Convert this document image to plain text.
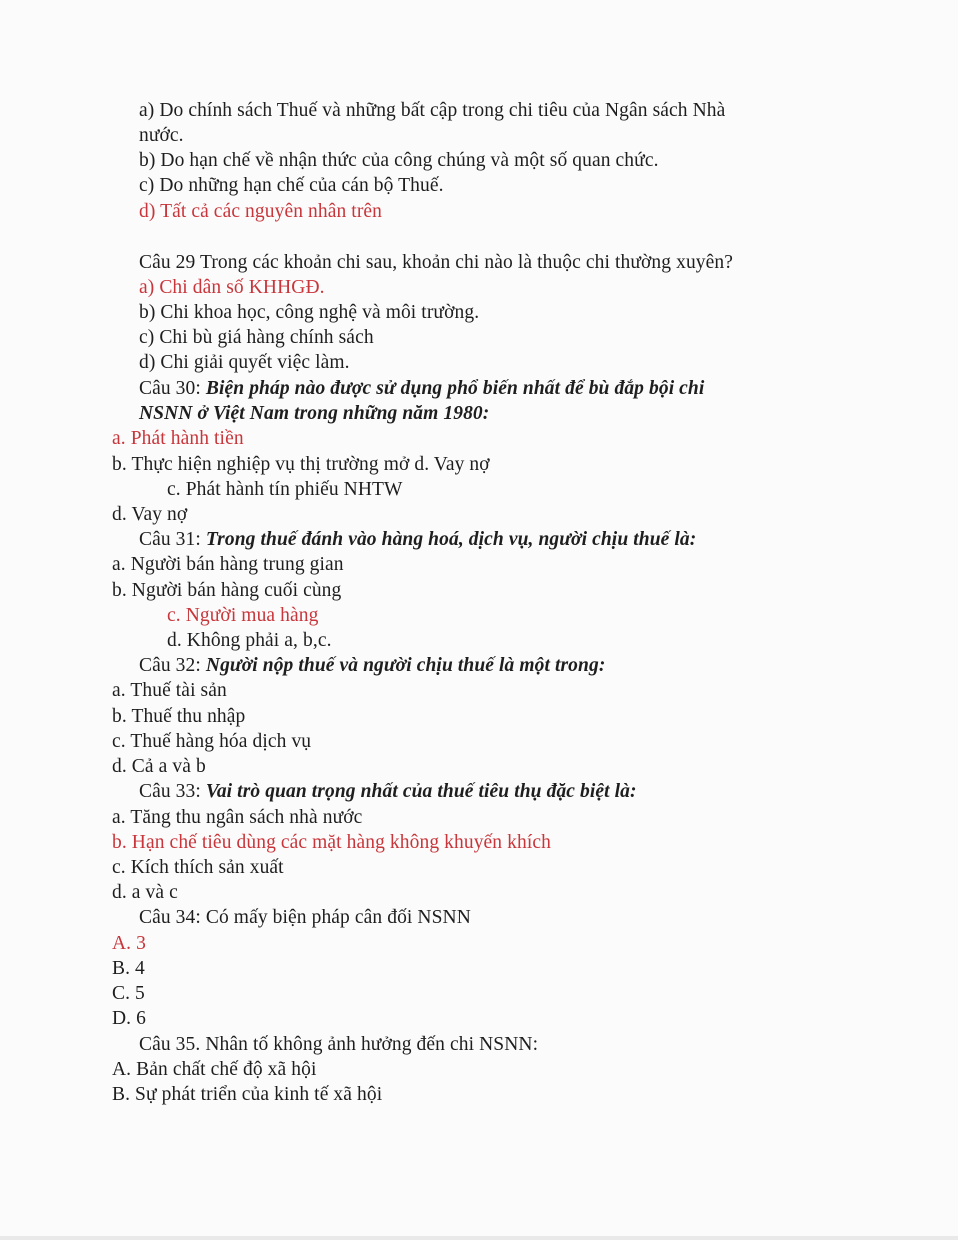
a) Do chính sách Thuế và những bất cập trong chi tiêu của Ngân sách Nhà
nước.
b) Do hạn chế về nhận thức của công chúng và một số quan chức.
c) Do những hạn chế của cán bộ Thuế.
d) Tất cả các nguyên nhân trên
Câu 29 Trong các khoản chi sau, khoản chi nào là thuộc chi thường xuyên?
a) Chi dân số KHHGĐ.
b) Chi khoa học, công nghệ và môi trường.
c) Chi bù giá hàng chính sách
d) Chi giải quyết việc làm.
Câu 30: Biện pháp nào được sử dụng phổ biến nhất để bù đắp bội chi
NSNN ở Việt Nam trong những năm 1980:
a. Phát hành tiền
b. Thực hiện nghiệp vụ thị trường mở d. Vay nợ
c. Phát hành tín phiếu NHTW
d. Vay nợ
Câu 31: Trong thuế đánh vào hàng hoá, dịch vụ, người chịu thuế là:
a. Người bán hàng trung gian
b. Người bán hàng cuối cùng
c. Người mua hàng
d. Không phải a, b,c.
Câu 32: Người nộp thuế và người chịu thuế là một trong:
a. Thuế tài sản
b. Thuế thu nhập
c. Thuế hàng hóa dịch vụ
d. Cả a và b
Câu 33: Vai trò quan trọng nhất của thuế tiêu thụ đặc biệt là:
a. Tăng thu ngân sách nhà nước
b. Hạn chế tiêu dùng các mặt hàng không khuyến khích
c. Kích thích sản xuất
d. a và c
Câu 34: Có mấy biện pháp cân đối NSNN
A. 3
B. 4
C. 5
D. 6
Câu 35. Nhân tố không ảnh hưởng đến chi NSNN:
A. Bản chất chế độ xã hội
B. Sự phát triển của kinh tế xã hội
